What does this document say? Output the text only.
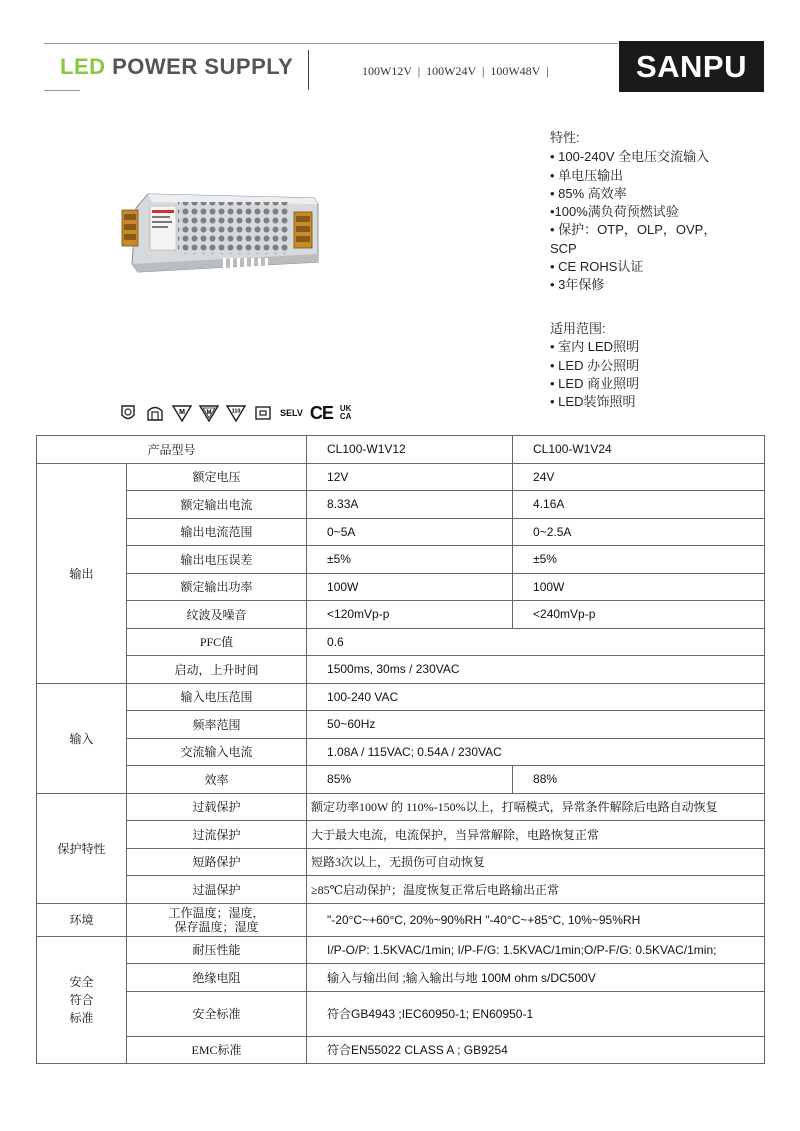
LED POWER SUPPLY	100W12V  |  100W24V  |  100W48V  |	SANPU
特性:
• 100-240V 全电压交流输入
• 单电压输出
• 85% 高效率
•100%满负荷预燃试验
• 保护：OTP，OLP，OVP，
SCP
• CE ROHS认证
• 3年保修
适用范围:
• 室内 LED照明
• LED 办公照明
• LED 商业照明
• LED装饰照明
M	M	110	SELV CE UK
CA
产品型号		CL100-W1V12	CL100-W1V24
输出	额定电压	12V	24V
	额定输出电流	8.33A	4.16A
	输出电流范围	0~5A	0~2.5A
	输出电压误差	±5%	±5%
	额定输出功率	100W	100W
	纹波及噪音	<120mVp-p	<240mVp-p
	PFC值	0.6	
	启动，上升时间	1500ms, 30ms / 230VAC	
输入	输入电压范围	100-240 VAC	
	频率范围	50~60Hz	
	交流输入电流	1.08A / 115VAC; 0.54A / 230VAC	
	效率	85%	88%
保护特性	过载保护	额定功率100W 的 110%-150%以上，打嗝模式，异常条件解除后电路自动恢复	
	过流保护	大于最大电流，电流保护，当异常解除，电路恢复正常	
	短路保护	短路3次以上，无损伤可自动恢复	
	过温保护	≥85℃启动保护；温度恢复正常后电路输出正常	
环境	工作温度；湿度，
保存温度；湿度	"-20°C~+60°C, 20%~90%RH "-40°C~+85°C, 10%~95%RH	

安全
符合
标准	耐压性能	I/P-O/P: 1.5KVAC/1min; I/P-F/G: 1.5KVAC/1min;O/P-F/G: 0.5KVAC/1min;	
	绝缘电阻	输入与输出间 ;输入输出与地 100M ohm s/DC500V	
	安全标准	符合GB4943 ;IEC60950-1; EN60950-1	
	EMC标准	符合EN55022 CLASS A ; GB9254	
